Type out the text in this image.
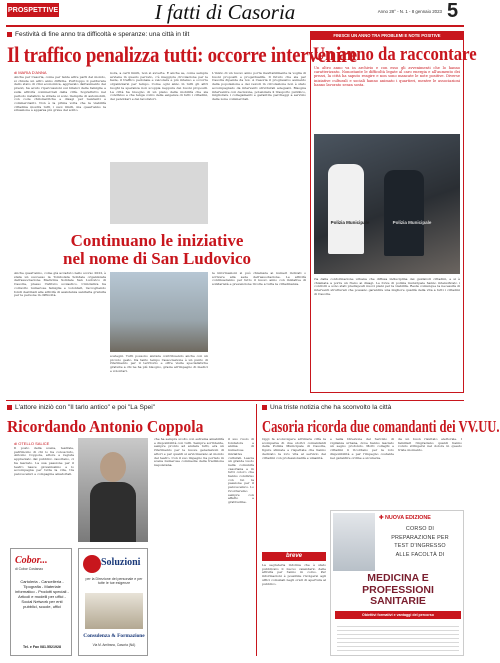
PROSPETTIVE	I fatti di Casoria	Anno 28° - N. 1 - 8 gennaio 2023 5
Festività di fine anno tra difficoltà e speranze: una città in tilt
Il traffico penalizza tutti: occorre intervenire
di MARIA D'ANNA
Anche per Casoria, come per tante altre parti del mondo, si chiude un altro anno difficile. Purtroppo il perdurare dello stato di crisi economica, aggravato dall'aumento dei prezzi, ha avuto ripercussioni sui bilanci delle famiglie e sulle attività commerciali della città. Soprattutto nel periodo natalizio le strade si sono riempite di automobili, con code chilometriche e disagi per residenti e commercianti. Non è la prima volta che la viabilità cittadina mostra tutti i suoi limiti, ma quest'anno la situazione è apparsa più grave del solito.
nora, a certi limiti, non si avverte. E anche se, come sempre avviene in questo periodo, c'è maggiore circolazione per le feste, il traffico pedonale e veicolare è più intenso e occorre organizzarsi per tempo. Come ogni anno in tutti gli altri luoghi la speranza non scoppia neppure dei buoni propositi. La città ha bisogno di un piano della mobilità che sia condiviso e che tenga conto delle esigenze di tutti i cittadini, dei pendolari e dei lavoratori.
L'inizio di un nuovo anno porta inevitabilmente la voglia di buoni propositi e progettualità. Il futuro che sia per Casoria dipende da noi. A Casoria il progressivo aumento della popolazione e dei veicoli in circolazione non è stato accompagnato da interventi strutturali adeguati. Bisogna intervenire con decisione, potenziare il trasporto pubblico, migliorare i collegamenti e garantire parcheggi a servizio delle zone commerciali.
Continuano le iniziative
nel nome di San Ludovico
Anche quest'anno, come già accaduto nello scorso 2022, è stata un successo la Tombolata Solidale organizzata dall'associazione Medicina Solidale San Ludovico di Casoria, presso l'istituto scolastico. L'iniziativa ha coinvolto numerose famiglie e volontari, raccogliendo fondi destinati alle attività di assistenza sanitaria gratuita per le persone in difficoltà.
sostegni. Tutti possono aiutare contribuendo anche con un piccolo gesto. Da tanto tempo l'associazione è un punto di riferimento per il territorio e offre visite specialistiche gratuite a chi ne ha più bisogno, grazie all'impegno di medici e volontari.
le informazioni si può chiamare ai numeri indicati o scrivere alla sede dell'associazione. Le attività continueranno per tutto il nuovo anno con iniziative di solidarietà e prevenzione rivolte a tutta la cittadinanza.
FINISCE UN ANNO TRA PROBLEMI E NOTE POSITIVE
Un anno da raccontare
Un altro anno va in archivio e con esso gli avvenimenti che lo hanno caratterizzato. Nonostante le difficoltà legate al caro energia e all'aumento dei prezzi, la città ha saputo reagire e non sono mancate le note positive. Diverse iniziative culturali e sociali hanno animato i quartieri, mentre le associazioni hanno lavorato senza sosta.
Polizia Municipale	Polizia Municipale
ria dalla conformazione urbana che diffusa indisciplina dei guidatori cittadini, e si è chiamata a porre un freno ai disagi. Le forze di polizia municipale hanno intensificato i controlli e sono stati predisposti nuovi piani per la viabilità. Resta comunque la necessità di interventi strutturali che possano garantire una migliore qualità della vita a tutti i cittadini di Casoria.
L'attore iniziò con "Il tarlo antico" e poi "La Spei"
Ricordando Antonio Coppola
di OTELLO SALICE
Il posto della scena, teatrale, patrimonio di chi lo ha conosciuto, Antonio Coppola, attore e regista apprezzato dal pubblico casoriano, ci ha lasciato. La sua passione per il teatro nasce giovanissimo e lo accompagna per tutta la vita, tra palcoscenici e compagnie amatoriali.
che ha sempre svolto con estrema amabilità e disponibilità con tutti. Sempre sorridente, sempre pronto ad aiutare tutti, era un riferimento per le nuove generazioni di attori e per quanti si avvicinavano al mondo del teatro. Con il suo impegno ha portato in scena numerose commedie della tradizione napoletana.
il suo ruolo di fondatore e anima di numerose iniziative culturali. Lascia un grande vuoto nella comunità casoriana e in tutti coloro che hanno condiviso con lui la passione per il palcoscenico. Lo ricorderemo sempre con affetto e gratitudine.
Cobor...
di Cobor Costanzo
Cartoleria - Cancelleria - Tipografia - Materiale informatico - Prodotti speciali - Articoli e modelli per uffici - Social Network per enti pubblici, scuole, uffici
Tel. e Fax 081.5521928
Soluzioni
per la Direzione del personale e per tutte le tue esigenze
Consulenza & Formazione
Via M. Amitrano, Casoria (NA)
Una triste notizia che ha sconvolto la città
Casoria ricorda due comandanti dei VV.UU.
Oggi fa sconvolgere all'intera città la scomparsa di due storici comandanti della Polizia Municipale di Casoria, figure stimate e rispettate che hanno dedicato la loro vita al servizio dei cittadini con professionalità e umanità.
e nella Direzione del Servizio di vigilanza urbana, dove hanno lasciato un segno profondo. Molti colleghi e cittadini li ricordano per la loro disponibilità e per l'impegno costante nel garantire ordine e sicurezza.
da un buon risultato elettorale. I familiari ringraziano quanti hanno voluto stringersi nel dolore in questo triste momento.
breve
La segreteria informa che è stato pubblicato il nuovo calendario delle attività per l'anno in corso. Per informazioni è possibile rivolgersi agli uffici comunali negli orari di apertura al pubblico.
✚ NUOVA EDIZIONE
CORSO DI
PREPARAZIONE PER
TEST D'INGRESSO
ALLE FACOLTÀ DI
MEDICINA E
PROFESSIONI
SANITARIE
Obiettivi formativi e vantaggi del percorso
